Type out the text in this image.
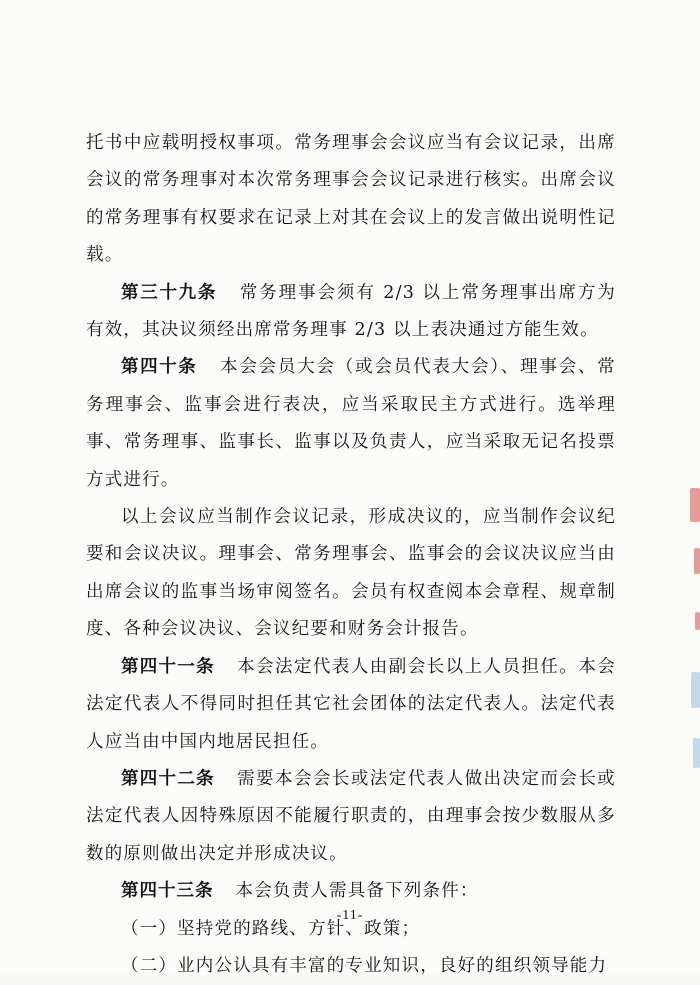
托书中应载明授权事项。常务理事会会议应当有会议记录，出席会议的常务理事对本次常务理事会会议记录进行核实。出席会议的常务理事有权要求在记录上对其在会议上的发言做出说明性记载。

第三十九条 常务理事会须有 2/3 以上常务理事出席方为有效，其决议须经出席常务理事 2/3 以上表决通过方能生效。

第四十条 本会会员大会（或会员代表大会）、理事会、常务理事会、监事会进行表决，应当采取民主方式进行。选举理事、常务理事、监事长、监事以及负责人，应当采取无记名投票方式进行。

以上会议应当制作会议记录，形成决议的，应当制作会议纪要和会议决议。理事会、常务理事会、监事会的会议决议应当由出席会议的监事当场审阅签名。会员有权查阅本会章程、规章制度、各种会议决议、会议纪要和财务会计报告。

第四十一条 本会法定代表人由副会长以上人员担任。本会法定代表人不得同时担任其它社会团体的法定代表人。法定代表人应当由中国内地居民担任。

第四十二条 需要本会会长或法定代表人做出决定而会长或法定代表人因特殊原因不能履行职责的，由理事会按少数服从多数的原则做出决定并形成决议。

第四十三条 本会负责人需具备下列条件：

（一）坚持党的路线、方针、政策；

（二）业内公认具有丰富的专业知识，良好的组织领导能力

-11-
